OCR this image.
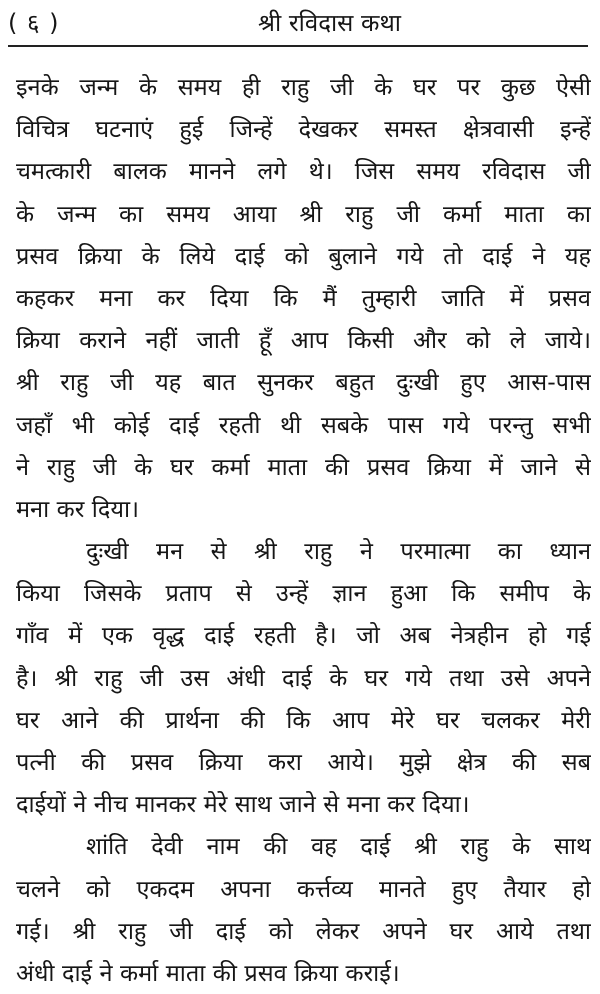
( ६ )	श्री रविदास कथा
इनके जन्म के समय ही राहु जी के घर पर कुछ ऐसी
विचित्र घटनाएं हुई जिन्हें देखकर समस्त क्षेत्रवासी इन्हें
चमत्कारी बालक मानने लगे थे। जिस समय रविदास जी
के जन्म का समय आया श्री राहु जी कर्मा माता का
प्रसव क्रिया के लिये दाई को बुलाने गये तो दाई ने यह
कहकर मना कर दिया कि मैं तुम्हारी जाति में प्रसव
क्रिया कराने नहीं जाती हूँ आप किसी और को ले जाये।
श्री राहु जी यह बात सुनकर बहुत दुःखी हुए आस-पास
जहाँ भी कोई दाई रहती थी सबके पास गये परन्तु सभी
ने राहु जी के घर कर्मा माता की प्रसव क्रिया में जाने से
मना कर दिया।
दुःखी मन से श्री राहु ने परमात्मा का ध्यान
किया जिसके प्रताप से उन्हें ज्ञान हुआ कि समीप के
गाँव में एक वृद्ध दाई रहती है। जो अब नेत्रहीन हो गई
है। श्री राहु जी उस अंधी दाई के घर गये तथा उसे अपने
घर आने की प्रार्थना की कि आप मेरे घर चलकर मेरी
पत्नी की प्रसव क्रिया करा आये। मुझे क्षेत्र की सब
दाईयों ने नीच मानकर मेरे साथ जाने से मना कर दिया।
शांति देवी नाम की वह दाई श्री राहु के साथ
चलने को एकदम अपना कर्त्तव्य मानते हुए तैयार हो
गई। श्री राहु जी दाई को लेकर अपने घर आये तथा
अंधी दाई ने कर्मा माता की प्रसव क्रिया कराई।
